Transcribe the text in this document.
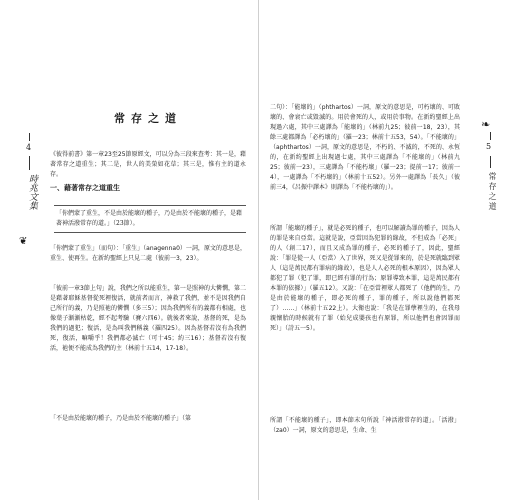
4
時兆文集
❦
常存之道

《彼得前書》第一章23至25節原經文，可以分為三段來查考：其一是，藉著常存之道重生；其二是，世人的美榮如花草；其三是，惟有主的道永存。

一、藉著常存之道重生

「你們蒙了重生，不是由於能壞的種子，乃是由於不能壞的種子，是藉著神活潑常存的道。」（23節）。

「你們蒙了重生」（而句）：「重生」（anagenna0）一詞，原文的意思是，重生、使再生。在新約聖經上只見二處（彼前一3，23）。

「彼前一章3節上句」說，我們之所以能重生，第一是照神的大憐憫，第二是藉著耶穌基督從死裡復活，就前者而言，神救了我們，並不是因我們自己所行的義，乃是照祂的憐憫（多三5）；因為我們所有的義都有相處，也像葉子漸漸枯乾，經不起考驗（賽六四6）。就後者來說，基督的死，是為我們的過犯；復活，是為叫我們稱義（羅四25）。因為基督若沒有為我們死，復活，嘛嚼乎！我們都必滅亡（可十45；約三16）；基督若沒有復活，祂便不能成為我們的主（林前十五14，17-18）。

「不是由於能壞的種子，乃是由於不能壞的種子」（第

❧
5
常存之道

二句）：「能壞的」（phthartos）一詞，原文的意思是，可朽壞的、可敗壞的、會衰亡或毀滅的。用於會死的人，或用於事物。在新約聖經上出現過六處，其中三處譯為「能壞的」（林前九25；彼前一18，23），其餘三處都譯為「必朽壞的」（羅一23；林前十五53，54）。「不能壞的」（aphthartos）一詞，原文的意思是，不朽的、不滅的，不死的、永恆的，在新約聖經上出現過七處，其中三處譯為「不能壞的」（林前九25；彼前一23），三處譯為「不能朽壞」（羅一23；提前一17；彼前一4），一處譯為「不朽壞的」（林前十五52）。另外一處譯為「長久」（彼前三4，《呂振中譯本》則譯為「不能朽壞的」）。

所謂「能壞的種子」，就是必死的種子，也可以解讀為罪的種子，因為人的罪是來自亞當。這就是說，亞當因為犯罪的緣故，不但成為「必死」的人（創二17），而且又成為罪的種子，必死的種子了，因此，聖經說：「罪是從一人（亞當）入了世界，死又是從罪來的，於是死就臨到眾人（這是萬民都有罪病的緣故），也是人人必死的根本原因），因為眾人都犯了罪（犯了罪，即已經有罪的行為；原罪導致本罪，這是萬民都有本罪的依據）」（羅五12）。又說：「在亞當裡眾人都死了（他們的生，乃是由於能壞的種子，即必死的種子，罪的種子，所以說他們都死了）……」（林前十五22上）。大衛也說：「我是在罪孽裡生的，在我母親懷胎的時候就有了罪（始兒成嬰孩也有原罪，所以他們也會因罪而死）」（詩五一5）。

所謂「不能壞的種子」，即本節末句所說「神活潑常存的道」。「活潑」（za0）一詞，原文的意思是，生命、生
